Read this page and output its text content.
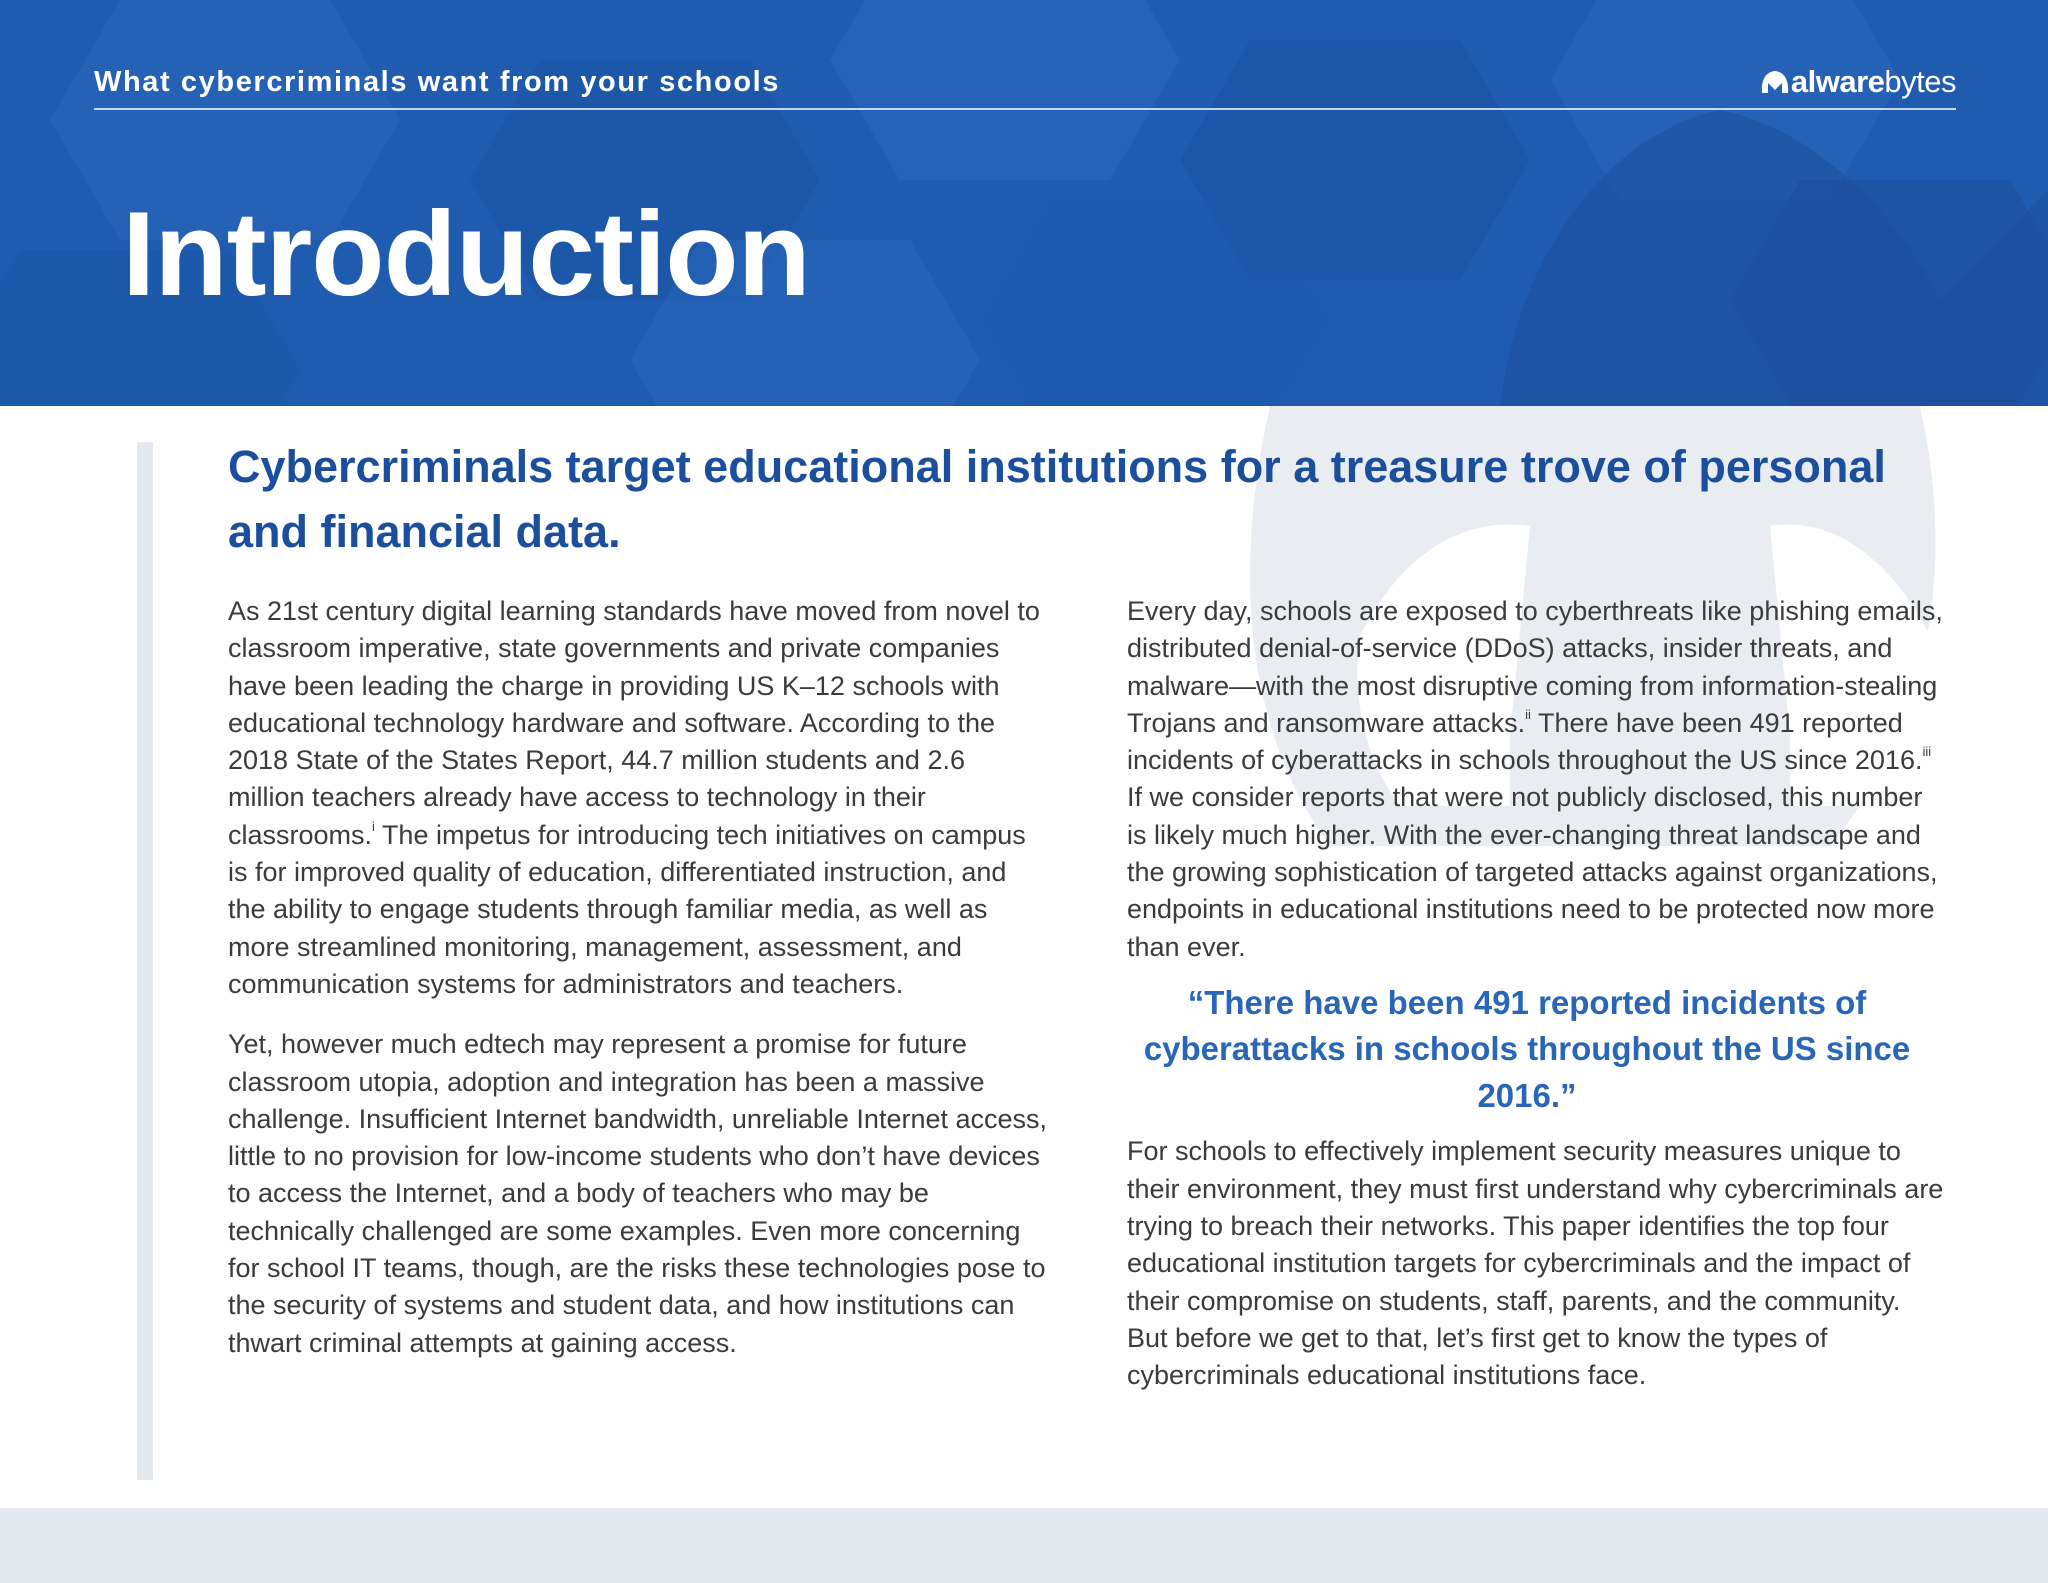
What cybercriminals want from your schools	alware bytes
Introduction
Cybercriminals target educational institutions for a treasure trove of personal and financial data.

As 21st century digital learning standards have moved from novel to classroom imperative, state governments and private companies have been leading the charge in providing US K–12 schools with educational technology hardware and software. According to the 2018 State of the States Report, 44.7 million students and 2.6 million teachers already have access to technology in their classrooms.$^i$ The impetus for introducing tech initiatives on campus is for improved quality of education, differentiated instruction, and the ability to engage students through familiar media, as well as more streamlined monitoring, management, assessment, and communication systems for administrators and teachers.

Yet, however much edtech may represent a promise for future classroom utopia, adoption and integration has been a massive challenge. Insufficient Internet bandwidth, unreliable Internet access, little to no provision for low-income students who don’t have devices to access the Internet, and a body of teachers who may be technically challenged are some examples. Even more concerning for school IT teams, though, are the risks these technologies pose to the security of systems and student data, and how institutions can thwart criminal attempts at gaining access.

Every day, schools are exposed to cyberthreats like phishing emails, distributed denial-of-service (DDoS) attacks, insider threats, and malware—with the most disruptive coming from information-stealing Trojans and ransomware attacks.$^{ii}$ There have been 491 reported incidents of cyberattacks in schools throughout the US since 2016.$^{iii}$ If we consider reports that were not publicly disclosed, this number is likely much higher. With the ever-changing threat landscape and the growing sophistication of targeted attacks against organizations, endpoints in educational institutions need to be protected now more than ever.

“There have been 491 reported incidents of cyberattacks in schools throughout the US since 2016.”

For schools to effectively implement security measures unique to their environment, they must first understand why cybercriminals are trying to breach their networks. This paper identifies the top four educational institution targets for cybercriminals and the impact of their compromise on students, staff, parents, and the community. But before we get to that, let’s first get to know the types of cybercriminals educational institutions face.
